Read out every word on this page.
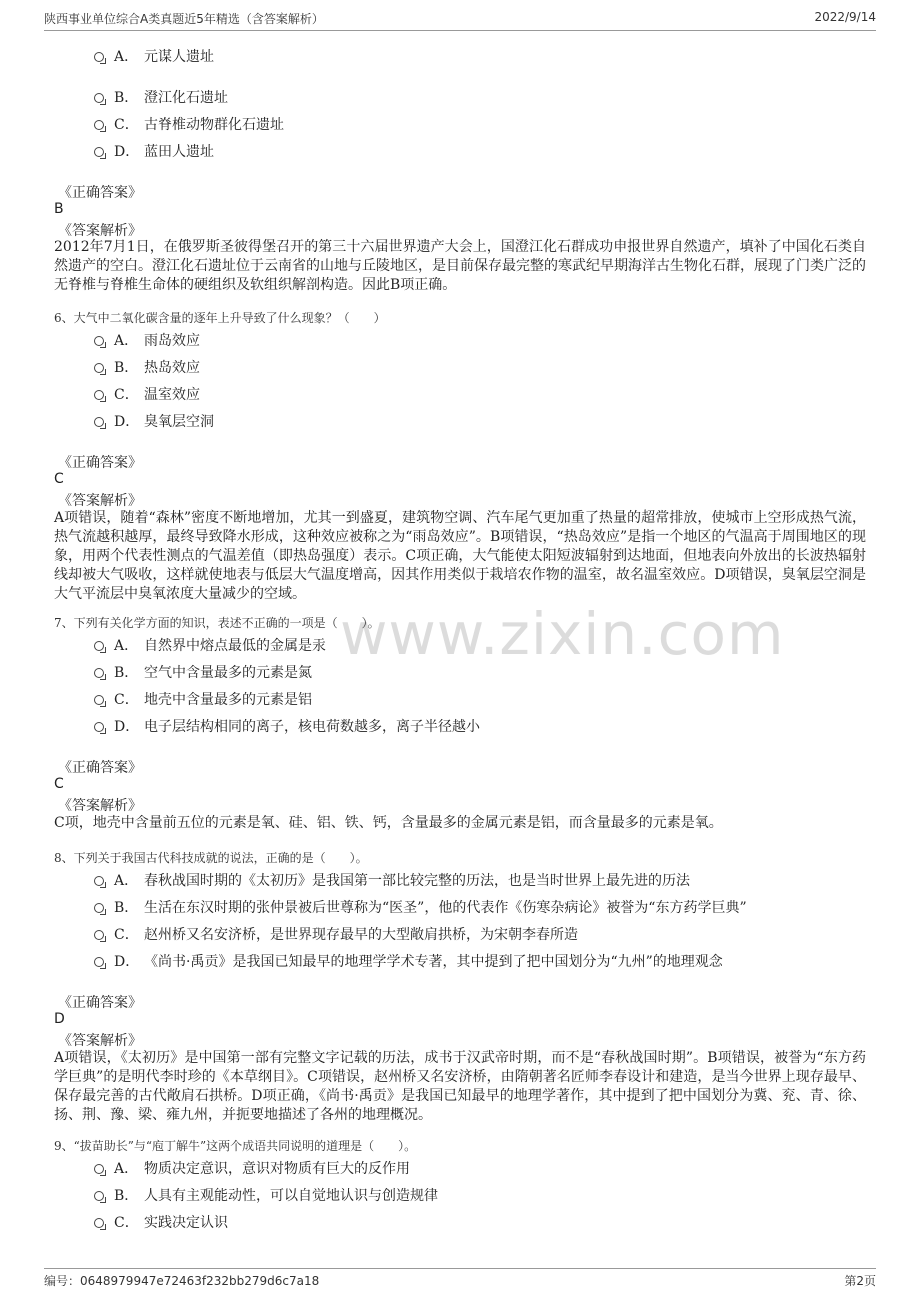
陕西事业单位综合A类真题近5年精选（含答案解析）	2022/9/14
www.zixin.com
A． 元谋人遗址
B． 澄江化石遗址
C． 古脊椎动物群化石遗址
D． 蓝田人遗址
《正确答案》
B
《答案解析》
2012年7月1日，在俄罗斯圣彼得堡召开的第三十六届世界遗产大会上，国澄江化石群成功申报世界自然遗产，填补了中国化石类自然遗产的空白。澄江化石遗址位于云南省的山地与丘陵地区，是目前保存最完整的寒武纪早期海洋古生物化石群，展现了门类广泛的无脊椎与脊椎生命体的硬组织及软组织解剖构造。因此B项正确。
6、大气中二氧化碳含量的逐年上升导致了什么现象？（　　）
A． 雨岛效应
B． 热岛效应
C． 温室效应
D． 臭氧层空洞
《正确答案》
C
《答案解析》
A项错误，随着“森林”密度不断地增加，尤其一到盛夏，建筑物空调、汽车尾气更加重了热量的超常排放，使城市上空形成热气流，热气流越积越厚，最终导致降水形成，这种效应被称之为“雨岛效应”。B项错误，“热岛效应”是指一个地区的气温高于周围地区的现象，用两个代表性测点的气温差值（即热岛强度）表示。C项正确，大气能使太阳短波辐射到达地面，但地表向外放出的长波热辐射线却被大气吸收，这样就使地表与低层大气温度增高，因其作用类似于栽培农作物的温室，故名温室效应。D项错误，臭氧层空洞是大气平流层中臭氧浓度大量减少的空域。
7、下列有关化学方面的知识，表述不正确的一项是（　　）。
A． 自然界中熔点最低的金属是汞
B． 空气中含量最多的元素是氮
C． 地壳中含量最多的元素是铝
D． 电子层结构相同的离子，核电荷数越多，离子半径越小
《正确答案》
C
《答案解析》
C项，地壳中含量前五位的元素是氧、硅、铝、铁、钙，含量最多的金属元素是铝，而含量最多的元素是氧。
8、下列关于我国古代科技成就的说法，正确的是（　　）。
A． 春秋战国时期的《太初历》是我国第一部比较完整的历法，也是当时世界上最先进的历法
B． 生活在东汉时期的张仲景被后世尊称为“医圣”，他的代表作《伤寒杂病论》被誉为“东方药学巨典”
C． 赵州桥又名安济桥，是世界现存最早的大型敞肩拱桥，为宋朝李春所造
D． 《尚书·禹贡》是我国已知最早的地理学学术专著，其中提到了把中国划分为“九州”的地理观念
《正确答案》
D
《答案解析》
A项错误，《太初历》是中国第一部有完整文字记载的历法，成书于汉武帝时期，而不是“春秋战国时期”。B项错误，被誉为“东方药学巨典”的是明代李时珍的《本草纲目》。C项错误，赵州桥又名安济桥，由隋朝著名匠师李春设计和建造，是当今世界上现存最早、保存最完善的古代敞肩石拱桥。D项正确，《尚书·禹贡》是我国已知最早的地理学著作，其中提到了把中国划分为冀、兖、青、徐、扬、荆、豫、梁、雍九州，并扼要地描述了各州的地理概况。
9、“拔苗助长”与“庖丁解牛”这两个成语共同说明的道理是（　　）。
A． 物质决定意识，意识对物质有巨大的反作用
B． 人具有主观能动性，可以自觉地认识与创造规律
C． 实践决定认识
编号：0648979947e72463f232bb279d6c7a18	第2页
